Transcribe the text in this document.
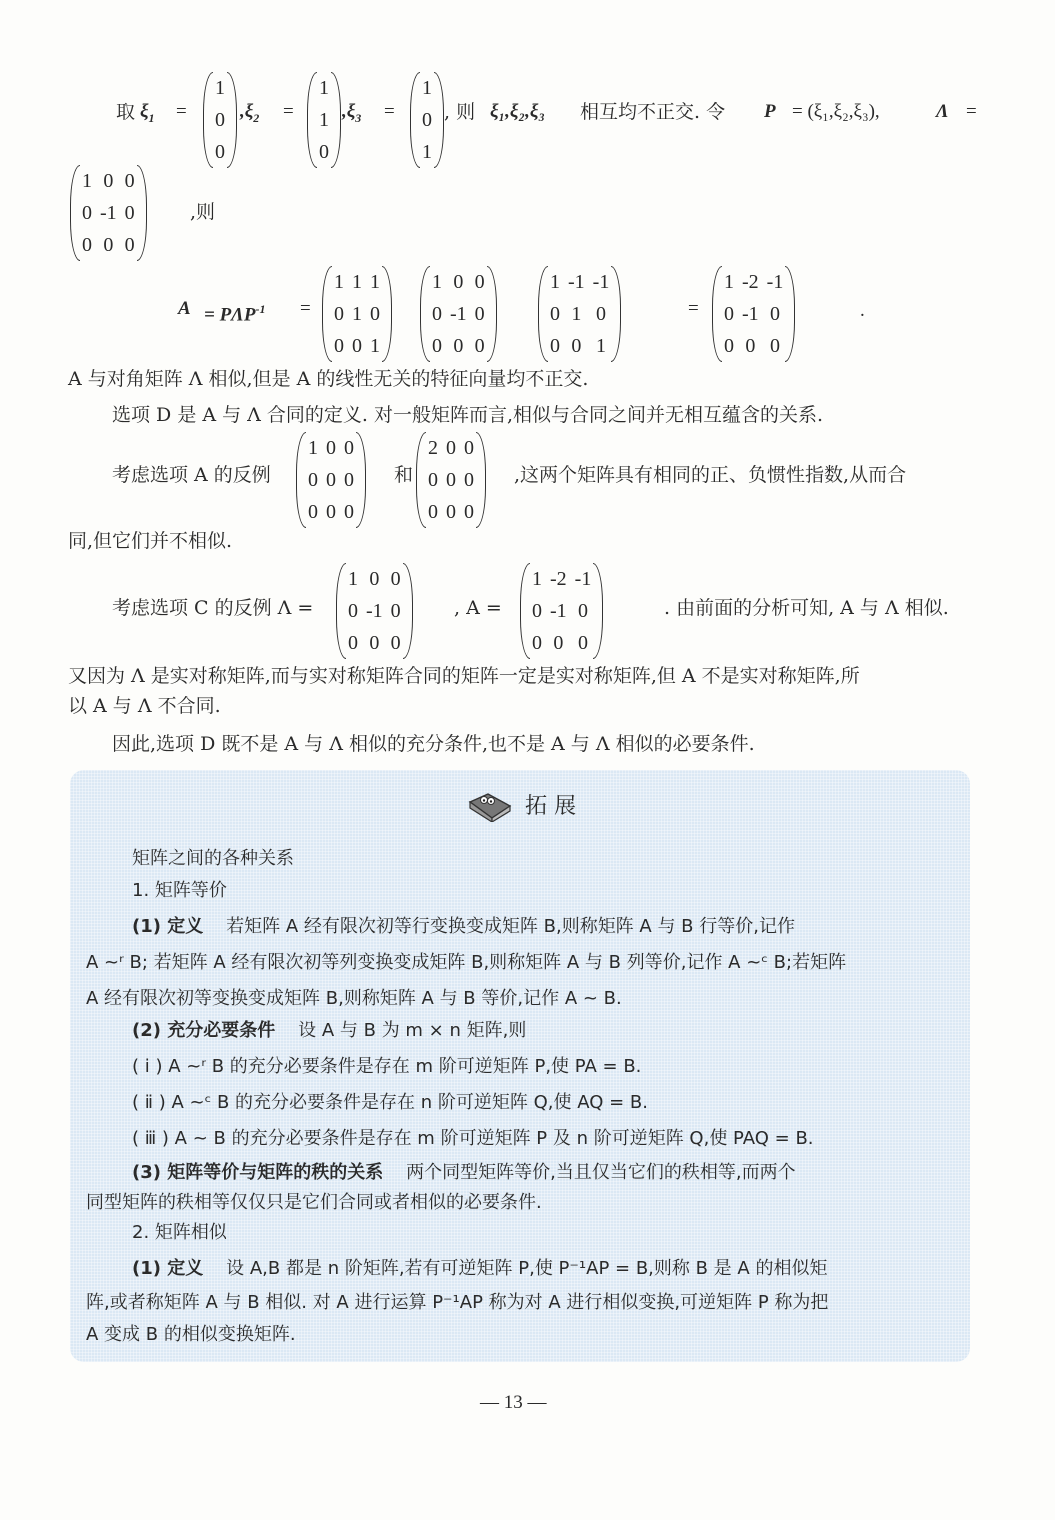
取 $\xi_1$ =
1
0
0
$,\xi_2$ =
1
1
0
$,\xi_3$ =
1
0
1
, 则 ξ₁,ξ₂,ξ₃ 相互均不正交. 令 P = (ξ₁,ξ₂,ξ₃),	Λ =
1	0	0
0	-1	0
0	0	0
,则
$A = P\Lambda P^{-1}$ =
1	1	1
0	1	0
0	0	1
1	0	0
0	-1	0
0	0	0
1	-1	-1
0	1	0
0	0	1
=
1	-2	-1
0	-1	0
0	0	0
.
A 与对角矩阵 Λ 相似,但是 A 的线性无关的特征向量均不正交.
选项 D 是 A 与 Λ 合同的定义. 对一般矩阵而言,相似与合同之间并无相互蕴含的关系.
考虑选项 A 的反例
1	0	0
0	0	0
0	0	0
和
2	0	0
0	0	0
0	0	0
,这两个矩阵具有相同的正、负惯性指数,从而合
同,但它们并不相似.
考虑选项 C 的反例 Λ =
1	0	0
0	-1	0
0	0	0
, A =
1	-2	-1
0	-1	0
0	0	0
. 由前面的分析可知, A 与 Λ 相似.
又因为 Λ 是实对称矩阵,而与实对称矩阵合同的矩阵一定是实对称矩阵,但 A 不是实对称矩阵,所
以 A 与 Λ 不合同.
因此,选项 D 既不是 A 与 Λ 相似的充分条件,也不是 A 与 Λ 相似的必要条件.
拓 展
矩阵之间的各种关系
1. 矩阵等价
(1) 定义 若矩阵 A 经有限次初等行变换变成矩阵 B,则称矩阵 A 与 B 行等价,记作
A ~ʳ B; 若矩阵 A 经有限次初等列变换变成矩阵 B,则称矩阵 A 与 B 列等价,记作 A ~ᶜ B;若矩阵
A 经有限次初等变换变成矩阵 B,则称矩阵 A 与 B 等价,记作 A ~ B.
(2) 充分必要条件 设 A 与 B 为 m × n 矩阵,则
( ⅰ ) A ~ʳ B 的充分必要条件是存在 m 阶可逆矩阵 P,使 PA = B.
( ⅱ ) A ~ᶜ B 的充分必要条件是存在 n 阶可逆矩阵 Q,使 AQ = B.
( ⅲ ) A ~ B 的充分必要条件是存在 m 阶可逆矩阵 P 及 n 阶可逆矩阵 Q,使 PAQ = B.
(3) 矩阵等价与矩阵的秩的关系 两个同型矩阵等价,当且仅当它们的秩相等,而两个
同型矩阵的秩相等仅仅只是它们合同或者相似的必要条件.
2. 矩阵相似
(1) 定义 设 A,B 都是 n 阶矩阵,若有可逆矩阵 P,使 P⁻¹AP = B,则称 B 是 A 的相似矩
阵,或者称矩阵 A 与 B 相似. 对 A 进行运算 P⁻¹AP 称为对 A 进行相似变换,可逆矩阵 P 称为把
A 变成 B 的相似变换矩阵.
— 13 —
